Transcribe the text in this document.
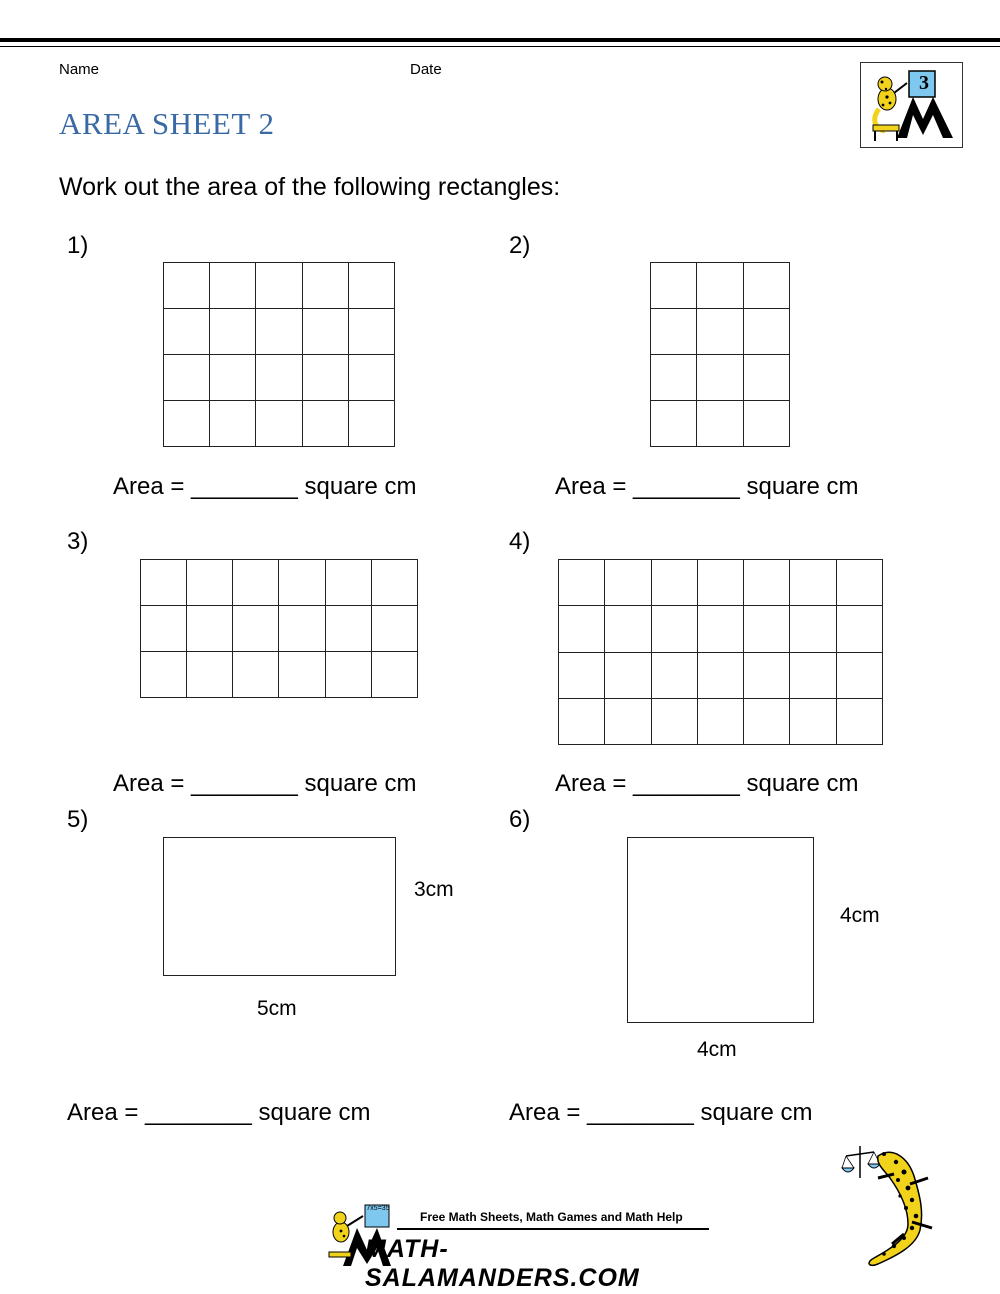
Name	Date
AREA SHEET 2
3
Work out the area of the following rectangles:
1)

Area = ________ square cm
2)

Area = ________ square cm
3)

Area = ________ square cm
4)

Area = ________ square cm
5)
3cm
5cm
Area = ________ square cm
6)
4cm
4cm
Area = ________ square cm
7x5=35
Free Math Sheets, Math Games and Math Help
MATH-SALAMANDERS.COM
